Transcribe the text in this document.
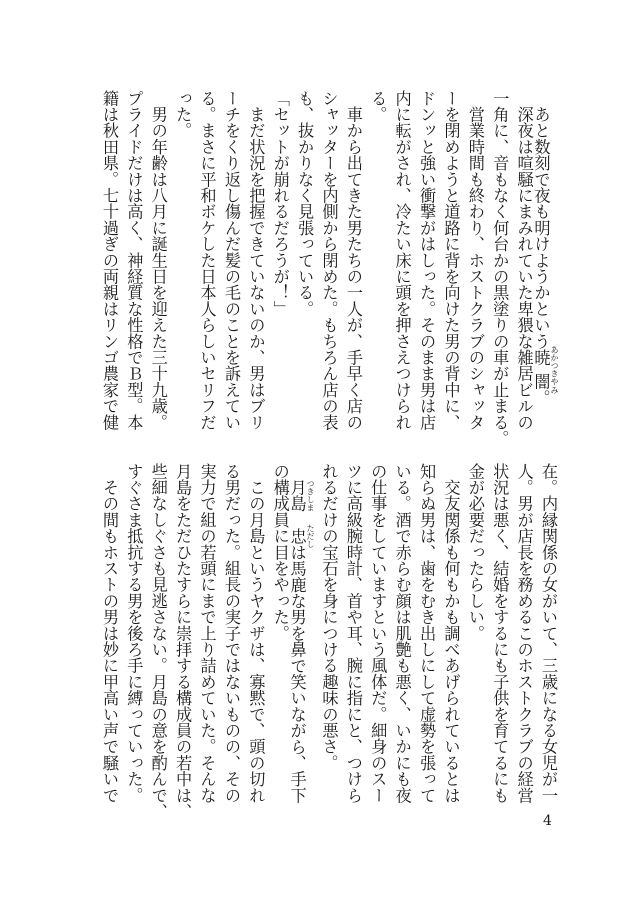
　あと数刻で夜も明けようかという暁闇 あかつきやみ。
　深夜は喧騒にまみれていた卑猥な雑居ビルの
一角に、音もなく何台かの黒塗りの車が止まる。
　営業時間も終わり、ホストクラブのシャッタ
ーを閉めようと道路に背を向けた男の背中に、
ドンッと強い衝撃がはしった。そのまま男は店
内に転がされ、冷たい床に頭を押さえつけられ
る。
　車から出てきた男たちの一人が、手早く店の
シャッターを内側から閉めた。もちろん店の表
も、抜かりなく見張っている。
「セットが崩れるだろうが！」
　まだ状況を把握できていないのか、男はブリ
ーチをくり返し傷んだ髪の毛のことを訴えてい
る。まさに平和ボケした日本人らしいセリフだ
った。
　男の年齢は八月に誕生日を迎えた三十九歳。
プライドだけは高く、神経質な性格でＢ型。本
籍は秋田県。七十過ぎの両親はリンゴ農家で健
在。内縁関係の女がいて、三歳になる女児が一
人。男が店長を務めるこのホストクラブの経営
状況は悪く、結婚をするにも子供を育てるにも
金が必要だったらしい。
　交友関係も何もかも調べあげられているとは
知らぬ男は、歯をむき出しにして虚勢を張って
いる。酒で赤らむ顔は肌艶も悪く、いかにも夜
の仕事をしていますという風体だ。細身のスー
ツに高級腕時計、首や耳、腕に指にと、つけら
れるだけの宝石を身につける趣味の悪さ。
　月島 つきしま　忠 ただしは馬鹿な男を鼻で笑いながら、手下
の構成員に目をやった。
　この月島というヤクザは、寡黙で、頭の切れ
る男だった。組長の実子ではないものの、その
実力で組の若頭にまで上り詰めていた。そんな
月島をただひたすらに崇拝する構成員の若中は、
些細なしぐさも見逃さない。月島の意を酌んで、
すぐさま抵抗する男を後ろ手に縛っていった。
　その間もホストの男は妙に甲高い声で騒いで
4
